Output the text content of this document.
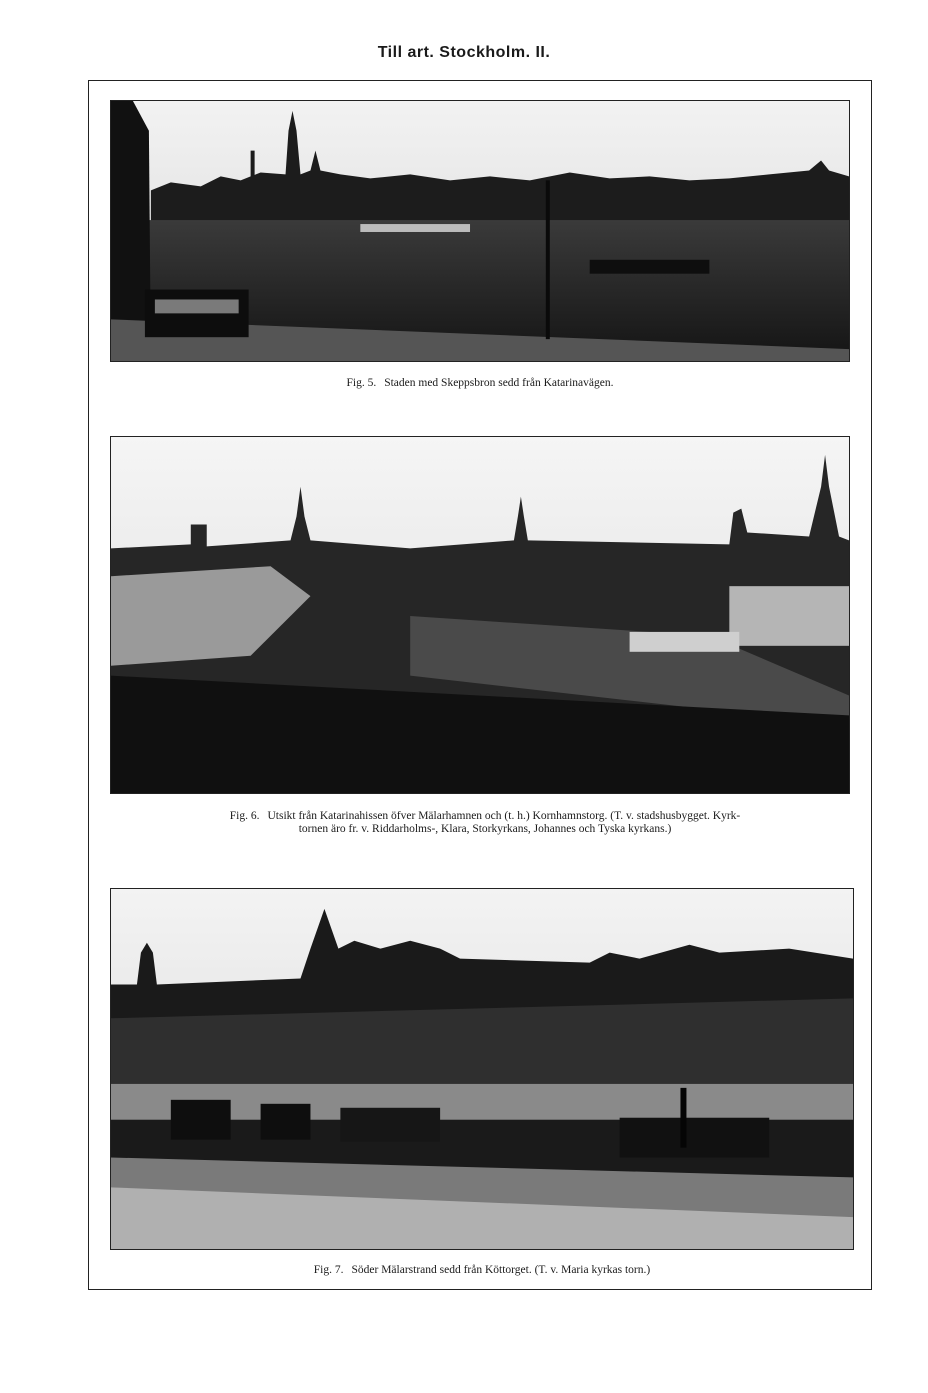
Till art. Stockholm. II.
Fig. 5. Staden med Skeppsbron sedd från Katarinavägen.
Fig. 6. Utsikt från Katarinahissen öfver Mälarhamnen och (t. h.) Kornhamnstorg. (T. v. stadshusbygget. Kyrk-
tornen äro fr. v. Riddarholms-, Klara, Storkyrkans, Johannes och Tyska kyrkans.)
Fig. 7. Söder Mälarstrand sedd från Köttorget. (T. v. Maria kyrkas torn.)
